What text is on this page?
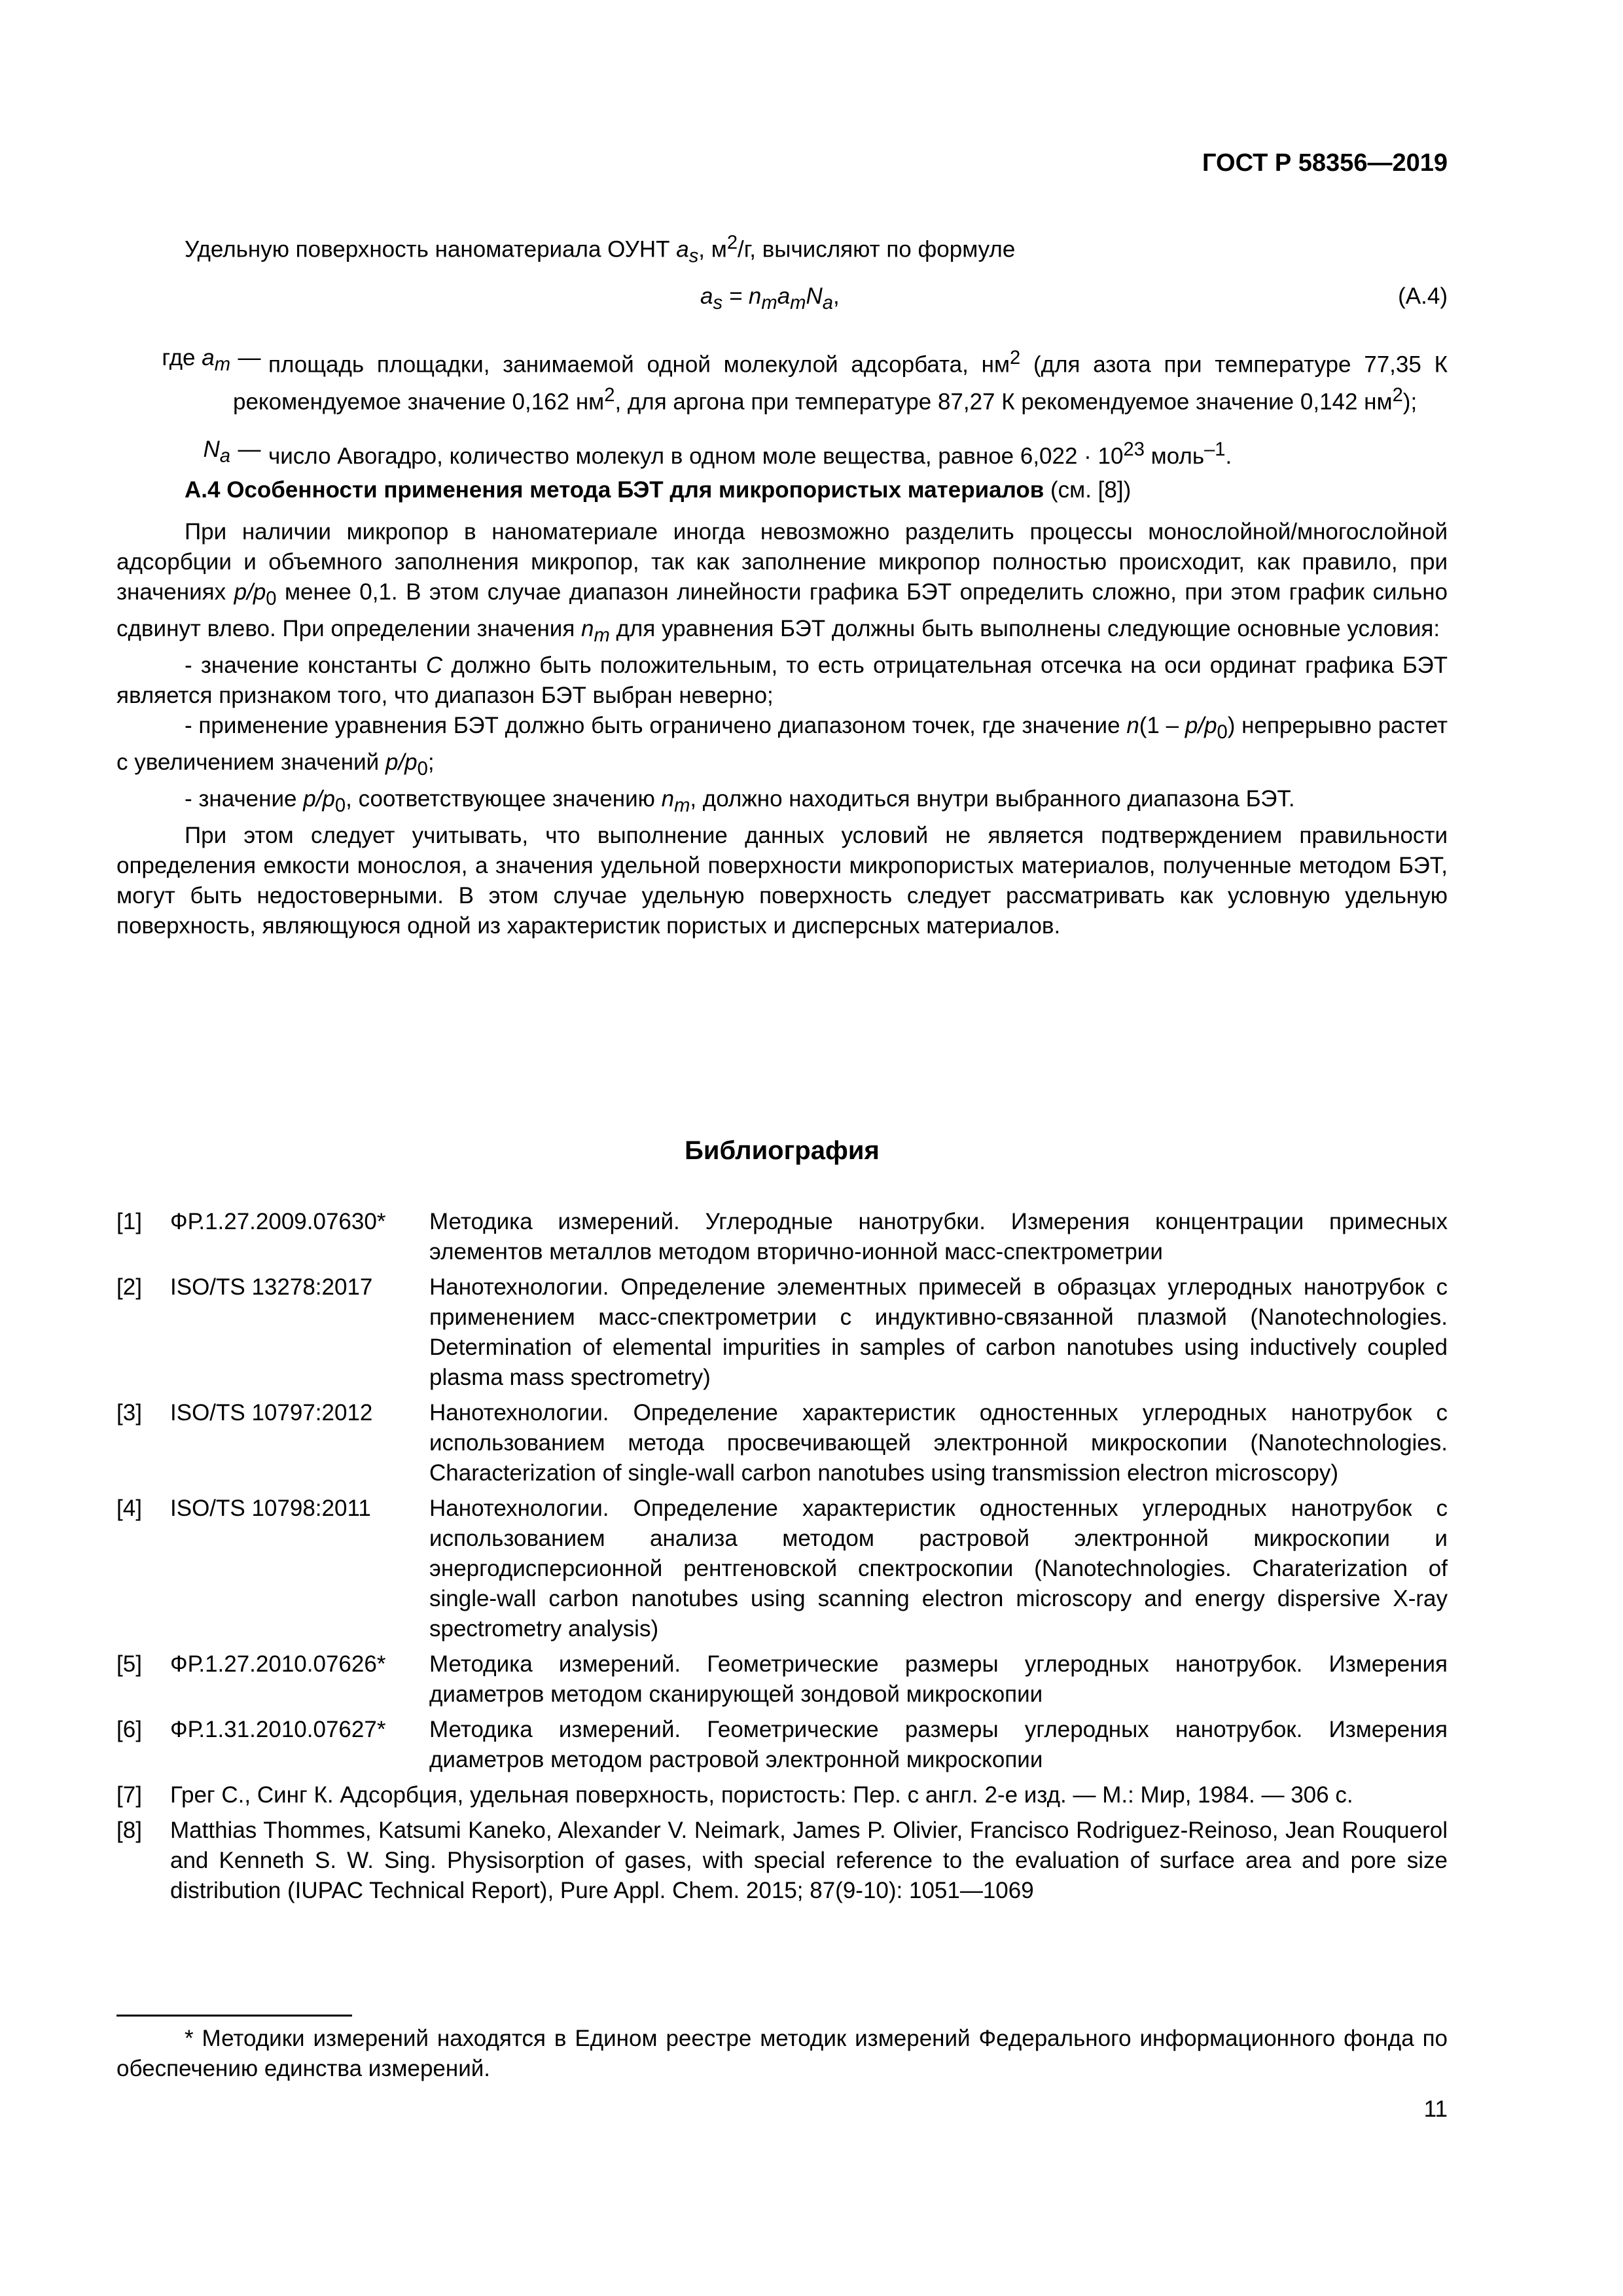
ГОСТ Р 58356—2019
Удельную поверхность наноматериала ОУНТ $a_s$, $м^2/г$, вычисляют по формуле
$a_s = n_ma_mN_a$,	(А.4)
где $a_m$ — площадь площадки, занимаемой одной молекулой адсорбата, $нм^2$ (для азота при температуре 77,35 К рекомендуемое значение 0,162 $нм^2$, для аргона при температуре 87,27 К рекомендуемое значение 0,142 $нм^2$);
$N_a$ — число Авогадро, количество молекул в одном моле вещества, равное $6,022 \cdot 10^{23}$ моль$^{-1}$.
А.4 Особенности применения метода БЭТ для микропористых материалов (см. [8])

При наличии микропор в наноматериале иногда невозможно разделить процессы монослойной/многослойной адсорбции и объемного заполнения микропор, так как заполнение микропор полностью происходит, как правило, при значениях $p/p_0$ менее 0,1. В этом случае диапазон линейности графика БЭТ определить сложно, при этом график сильно сдвинут влево. При определении значения $n_m$ для уравнения БЭТ должны быть выполнены следующие основные условия:

- значение константы C должно быть положительным, то есть отрицательная отсечка на оси ординат графика БЭТ является признаком того, что диапазон БЭТ выбран неверно;

- применение уравнения БЭТ должно быть ограничено диапазоном точек, где значение $n(1 - p/p_0)$ непрерывно растет с увеличением значений $p/p_0$;

- значение $p/p_0$, соответствующее значению $n_m$, должно находиться внутри выбранного диапазона БЭТ.

При этом следует учитывать, что выполнение данных условий не является подтверждением правильности определения емкости монослоя, а значения удельной поверхности микропористых материалов, полученные методом БЭТ, могут быть недостоверными. В этом случае удельную поверхность следует рассматривать как условную удельную поверхность, являющуюся одной из характеристик пористых и дисперсных материалов.

Библиография
[1]	ФР.1.27.2009.07630*	Методика измерений. Углеродные нанотрубки. Измерения концентрации примесных элементов металлов методом вторично-ионной масс-спектрометрии
[2]	ISO/TS 13278:2017	Нанотехнологии. Определение элементных примесей в образцах углеродных нанотрубок с применением масс-спектрометрии с индуктивно-связанной плазмой (Nanotechnologies. Determination of elemental impurities in samples of carbon nanotubes using inductively coupled plasma mass spectrometry)
[3]	ISO/TS 10797:2012	Нанотехнологии. Определение характеристик одностенных углеродных нанотрубок с использованием метода просвечивающей электронной микроскопии (Nanotechnologies. Characterization of single-wall carbon nanotubes using transmission electron microscopy)
[4]	ISO/TS 10798:2011	Нанотехнологии. Определение характеристик одностенных углеродных нанотрубок с использованием анализа методом растровой электронной микроскопии и энергодисперсионной рентгеновской спектроскопии (Nanotechnologies. Charaterization of single-wall carbon nanotubes using scanning electron microscopy and energy dispersive X-ray spectrometry analysis)
[5]	ФР.1.27.2010.07626*	Методика измерений. Геометрические размеры углеродных нанотрубок. Измерения диаметров методом сканирующей зондовой микроскопии
[6]	ФР.1.31.2010.07627*	Методика измерений. Геометрические размеры углеродных нанотрубок. Измерения диаметров методом растровой электронной микроскопии
[7]	Грег С., Синг К. Адсорбция, удельная поверхность, пористость: Пер. с англ. 2-е изд. — М.: Мир, 1984. — 306 с.
[8]	Matthias Thommes, Katsumi Kaneko, Alexander V. Neimark, James P. Olivier, Francisco Rodriguez-Reinoso, Jean Rouquerol and Kenneth S. W. Sing. Physisorption of gases, with special reference to the evaluation of surface area and pore size distribution (IUPAC Technical Report), Pure Appl. Chem. 2015; 87(9-10): 1051—1069

* Методики измерений находятся в Едином реестре методик измерений Федерального информационного фонда по обеспечению единства измерений.

11
